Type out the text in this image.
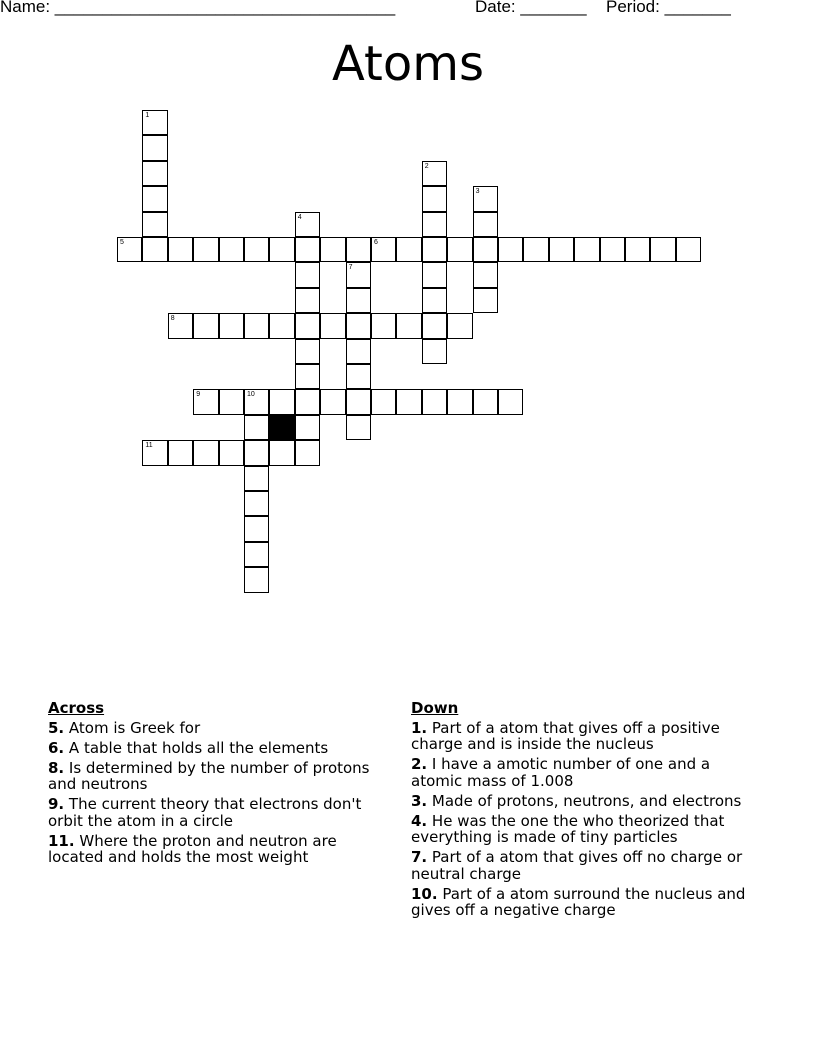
Name: ____________________________________	Date: _______ Period: _______
Atoms
1
2
3
4
5	6
7
8
9	10
11
Across
5. Atom is Greek for
6. A table that holds all the elements
8. Is determined by the number of protons and neutrons
9. The current theory that electrons don't orbit the atom in a circle
11. Where the proton and neutron are located and holds the most weight
Down
1. Part of a atom that gives off a positive charge and is inside the nucleus
2. I have a amotic number of one and a atomic mass of 1.008
3. Made of protons, neutrons, and electrons
4. He was the one the who theorized that everything is made of tiny particles
7. Part of a atom that gives off no charge or neutral charge
10. Part of a atom surround the nucleus and gives off a negative charge
